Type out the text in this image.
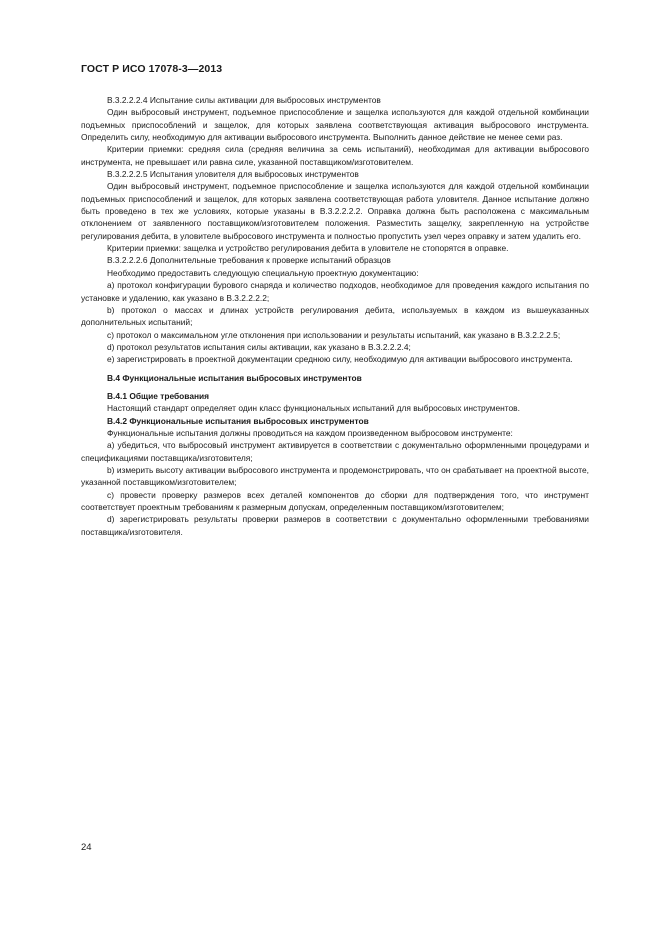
ГОСТ Р ИСО 17078-3—2013

В.3.2.2.2.4 Испытание силы активации для выбросовых инструментов

Один выбросовый инструмент, подъемное приспособление и защелка используются для каждой отдельной комбинации подъемных приспособлений и защелок, для которых заявлена соответствующая активация выбросового инструмента. Определить силу, необходимую для активации выбросового инструмента. Выполнить данное действие не менее семи раз.

Критерии приемки: средняя сила (средняя величина за семь испытаний), необходимая для активации выбросового инструмента, не превышает или равна силе, указанной поставщиком/изготовителем.

В.3.2.2.2.5 Испытания уловителя для выбросовых инструментов

Один выбросовый инструмент, подъемное приспособление и защелка используются для каждой отдельной комбинации подъемных приспособлений и защелок, для которых заявлена соответствующая работа уловителя. Данное испытание должно быть проведено в тех же условиях, которые указаны в В.3.2.2.2.2. Оправка должна быть расположена с максимальным отклонением от заявленного поставщиком/изготовителем положения. Разместить защелку, закрепленную на устройстве регулирования дебита, в уловителе выбросового инструмента и полностью пропустить узел через оправку и затем удалить его.

Критерии приемки: защелка и устройство регулирования дебита в уловителе не стопорятся в оправке.

В.3.2.2.2.6 Дополнительные требования к проверке испытаний образцов

Необходимо предоставить следующую специальную проектную документацию:

а) протокол конфигурации бурового снаряда и количество подходов, необходимое для проведения каждого испытания по установке и удалению, как указано в В.3.2.2.2.2;

b) протокол о массах и длинах устройств регулирования дебита, используемых в каждом из вышеуказанных дополнительных испытаний;

c) протокол о максимальном угле отклонения при использовании и результаты испытаний, как указано в В.3.2.2.2.5;

d) протокол результатов испытания силы активации, как указано в В.3.2.2.2.4;

e) зарегистрировать в проектной документации среднюю силу, необходимую для активации выбросового инструмента.

В.4 Функциональные испытания выбросовых инструментов

В.4.1 Общие требования

Настоящий стандарт определяет один класс функциональных испытаний для выбросовых инструментов.

В.4.2 Функциональные испытания выбросовых инструментов

Функциональные испытания должны проводиться на каждом произведенном выбросовом инструменте:

а) убедиться, что выбросовый инструмент активируется в соответствии с документально оформленными процедурами и спецификациями поставщика/изготовителя;

b) измерить высоту активации выбросового инструмента и продемонстрировать, что он срабатывает на проектной высоте, указанной поставщиком/изготовителем;

c) провести проверку размеров всех деталей компонентов до сборки для подтверждения того, что инструмент соответствует проектным требованиям к размерным допускам, определенным поставщиком/изготовителем;

d) зарегистрировать результаты проверки размеров в соответствии с документально оформленными требованиями поставщика/изготовителя.

24
